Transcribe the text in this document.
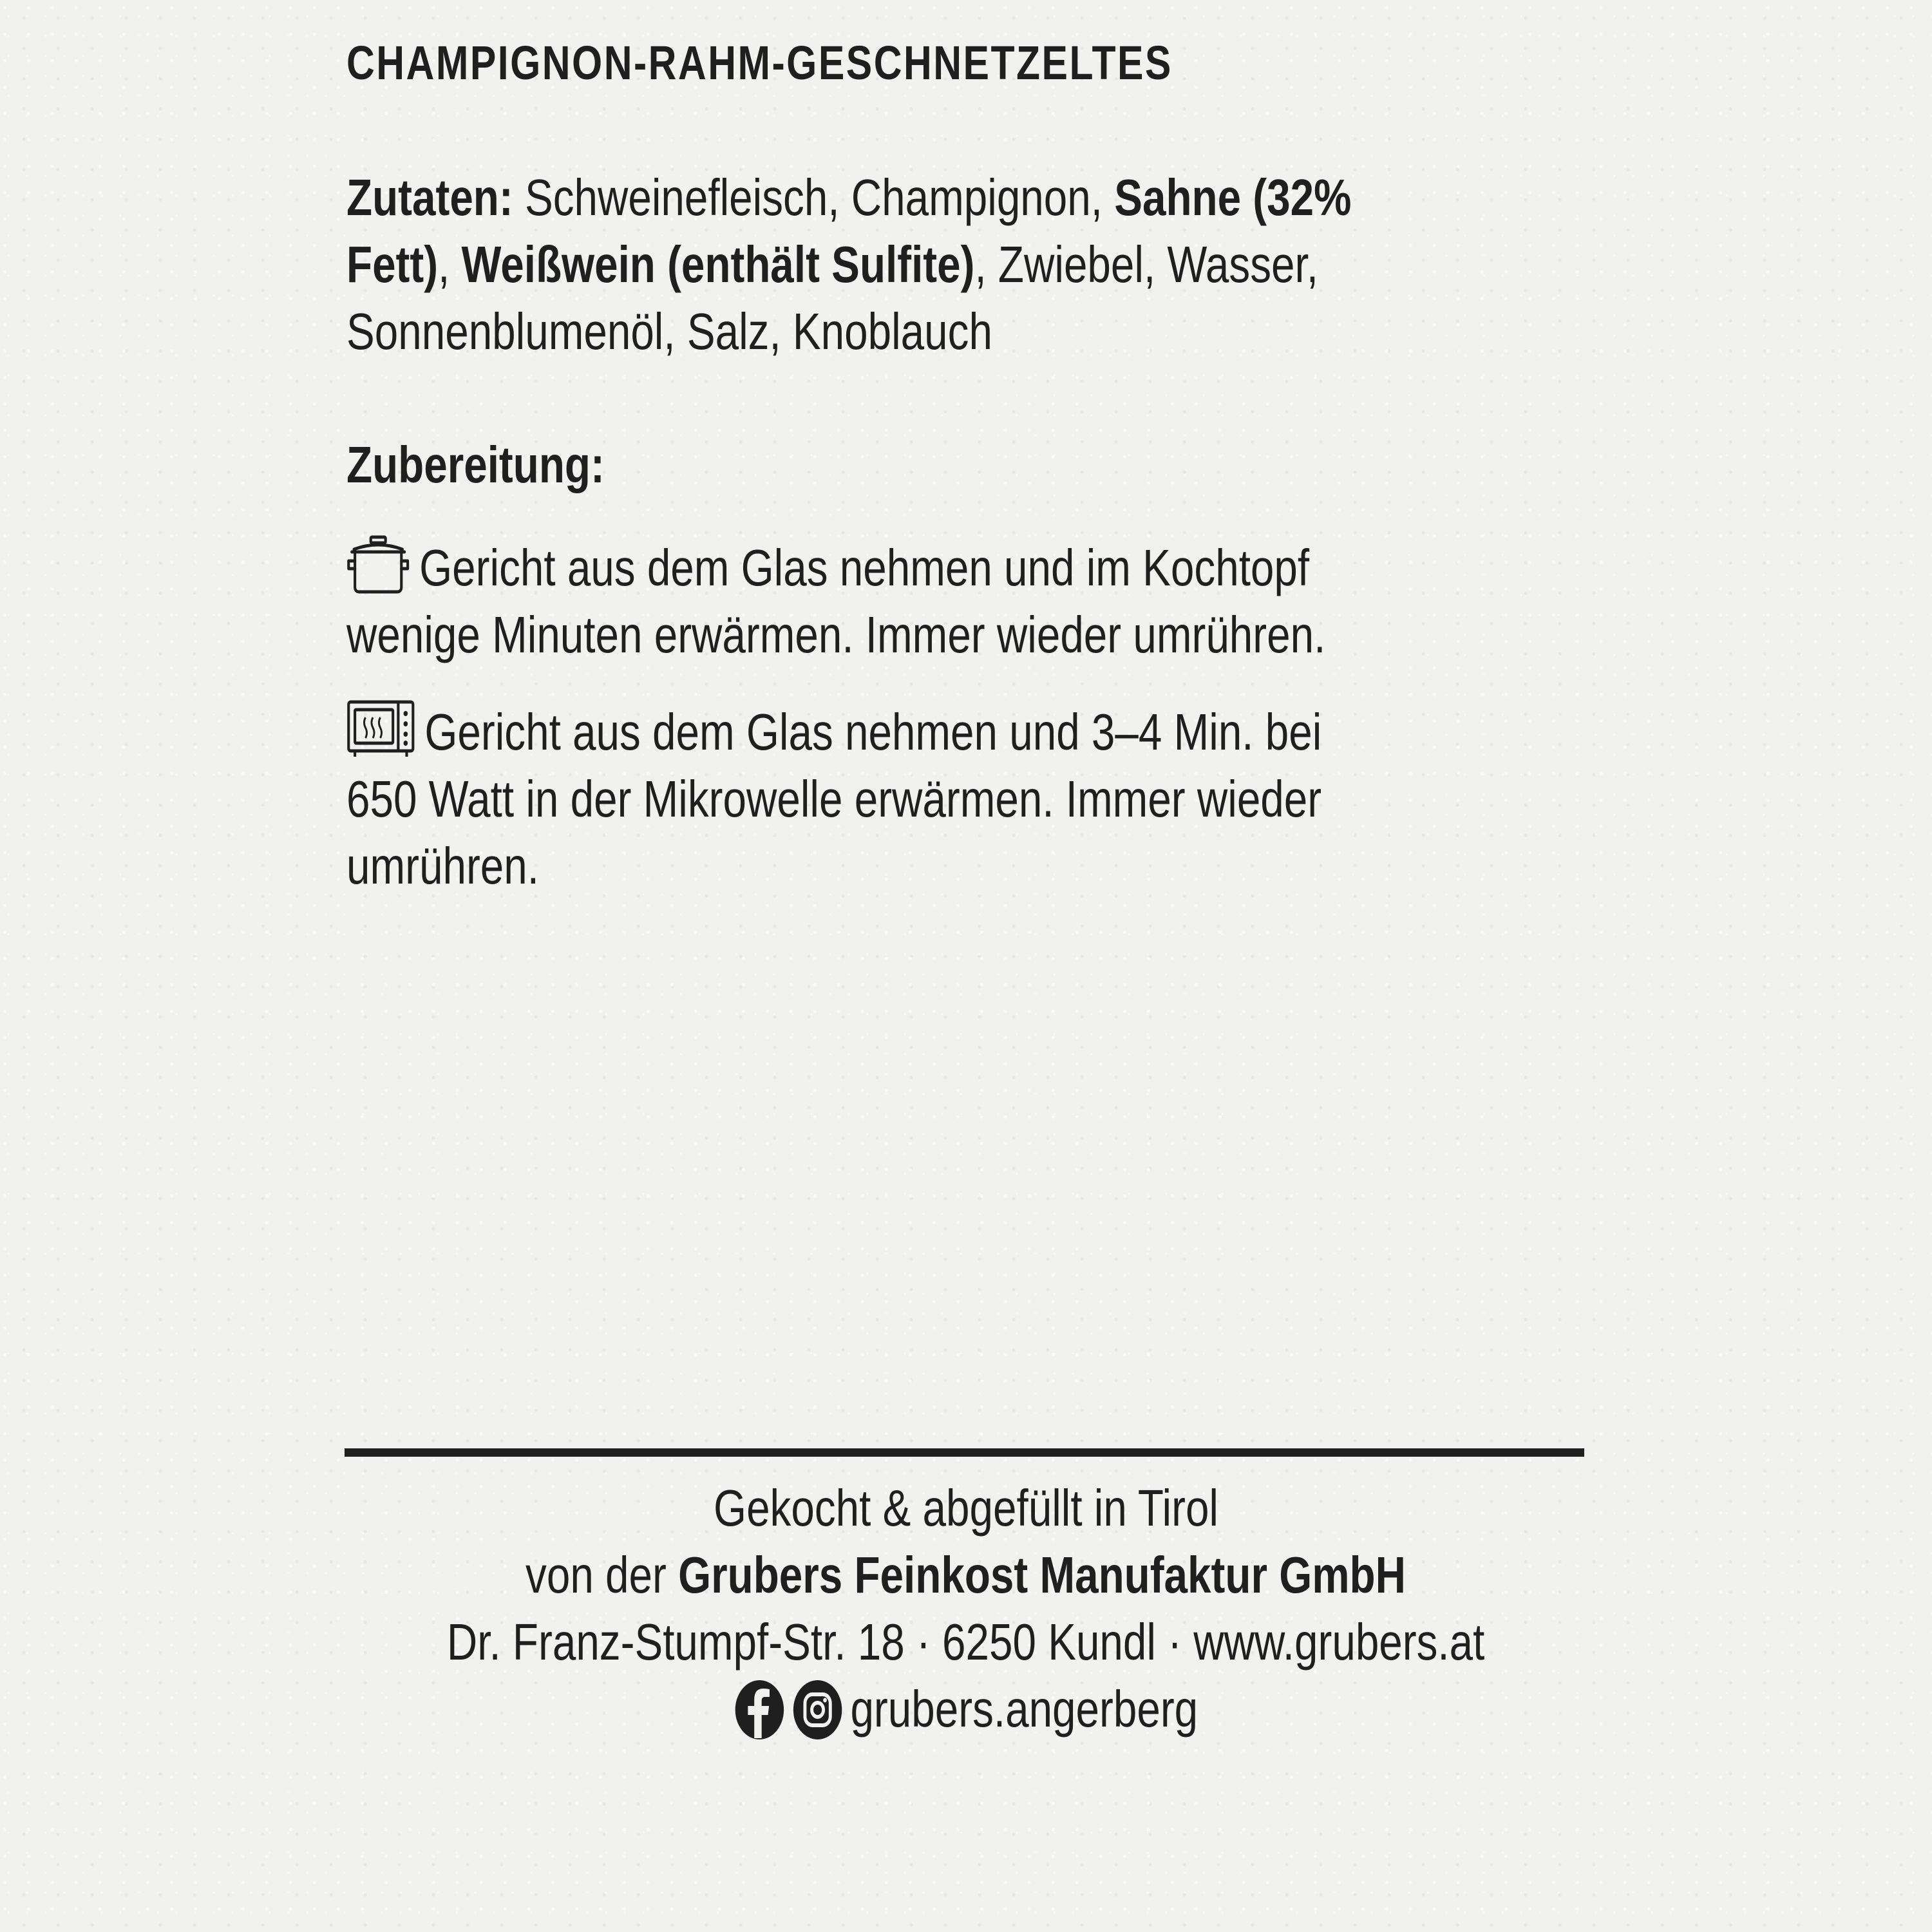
CHAMPIGNON-RAHM-GESCHNETZELTES
Zutaten: Schweinefleisch, Champignon, Sahne (32%
Fett), Weißwein (enthält Sulfite), Zwiebel, Wasser,
Sonnenblumenöl, Salz, Knoblauch
Zubereitung:
Gericht aus dem Glas nehmen und im Kochtopf
wenige Minuten erwärmen. Immer wieder umrühren.
Gericht aus dem Glas nehmen und 3–4 Min. bei
650 Watt in der Mikrowelle erwärmen. Immer wieder
umrühren.
Gekocht & abgefüllt in Tirol
von der Grubers Feinkost Manufaktur GmbH
Dr. Franz-Stumpf-Str. 18 · 6250 Kundl · www.grubers.at
grubers.angerberg
